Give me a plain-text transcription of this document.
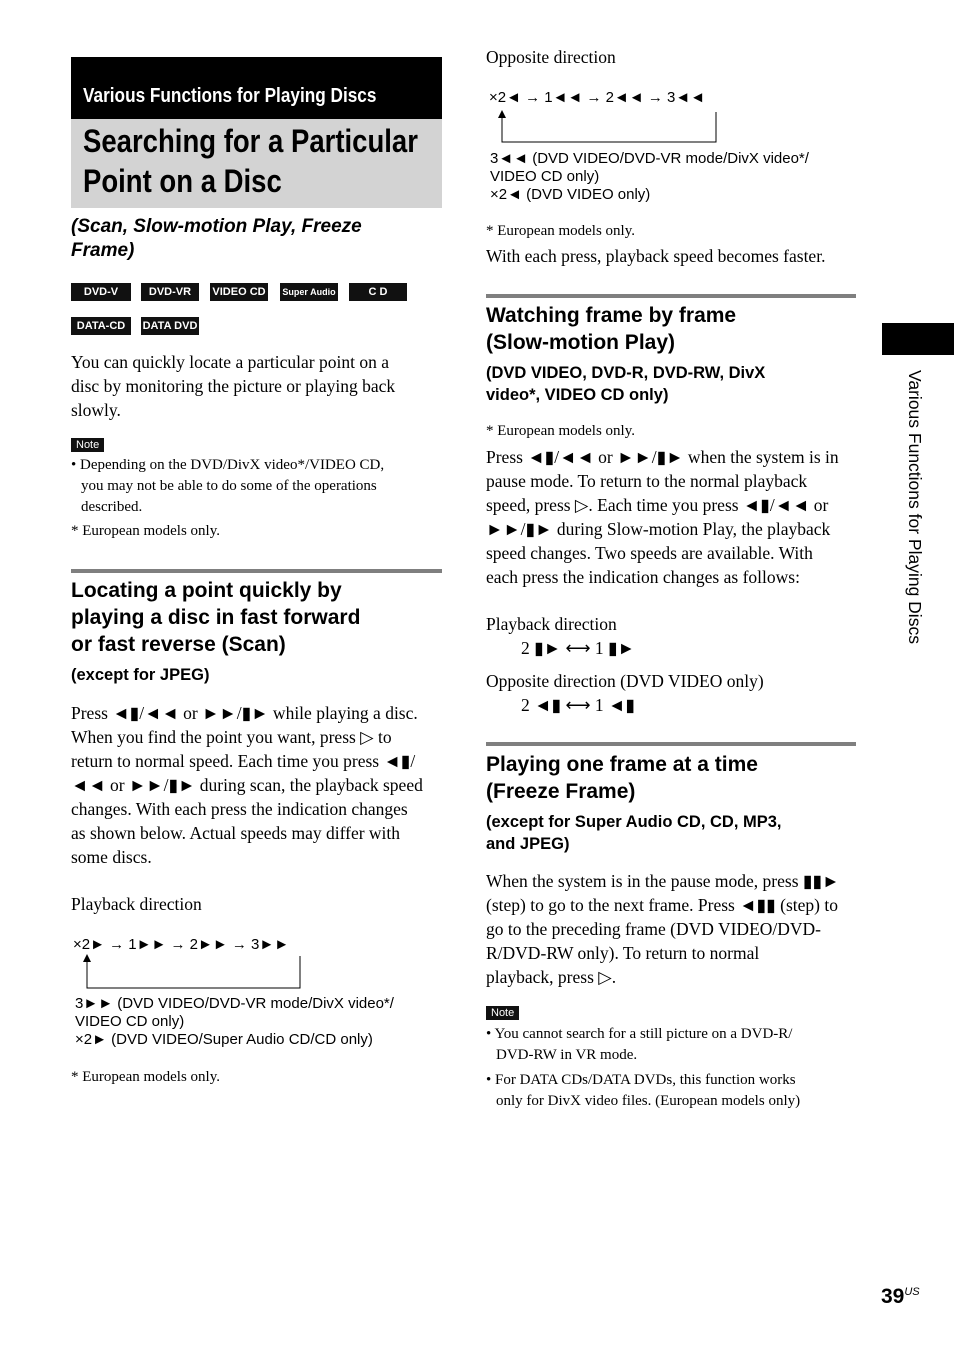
Various Functions for Playing Discs
Searching for a Particular
Point on a Disc
(Scan, Slow-motion Play, Freeze
Frame)
DVD-V	DVD-VR	VIDEO CD Super Audio CD
C D
DATA-CD	DATA DVD
You can quickly locate a particular point on a
disc by monitoring the picture or playing back
slowly.
Note
• Depending on the DVD/DivX video*/VIDEO CD,
you may not be able to do some of the operations
described.
* European models only.
Locating a point quickly by
playing a disc in fast forward
or fast reverse (Scan)
(except for JPEG)
Press ◄▮/◄◄ or ►►/▮► while playing a disc.
When you find the point you want, press ▷ to
return to normal speed. Each time you press ◄▮/
◄◄ or ►►/▮► during scan, the playback speed
changes. With each press the indication changes
as shown below. Actual speeds may differ with
some discs.
Playback direction
×2► → 1►► → 2►► → 3►►
3►► (DVD VIDEO/DVD-VR mode/DivX video*/
VIDEO CD only)
×2► (DVD VIDEO/Super Audio CD/CD only)
* European models only.
Opposite direction
×2◄ → 1◄◄ → 2◄◄ → 3◄◄
3◄◄ (DVD VIDEO/DVD-VR mode/DivX video*/
VIDEO CD only)
×2◄ (DVD VIDEO only)
* European models only.
With each press, playback speed becomes faster.
Watching frame by frame
(Slow-motion Play)
(DVD VIDEO, DVD-R, DVD-RW, DivX
video*, VIDEO CD only)
* European models only.
Press ◄▮/◄◄ or ►►/▮► when the system is in
pause mode. To return to the normal playback
speed, press ▷. Each time you press ◄▮/◄◄ or
►►/▮► during Slow-motion Play, the playback
speed changes. Two speeds are available. With
each press the indication changes as follows:
Playback direction
2 ▮► ⟷ 1 ▮►
Opposite direction (DVD VIDEO only)
2 ◄▮ ⟷ 1 ◄▮
Playing one frame at a time
(Freeze Frame)
(except for Super Audio CD, CD, MP3,
and JPEG)
When the system is in the pause mode, press ▮▮►
(step) to go to the next frame. Press ◄▮▮ (step) to
go to the preceding frame (DVD VIDEO/DVD-
R/DVD-RW only). To return to normal
playback, press ▷.
Note
• You cannot search for a still picture on a DVD-R/
DVD-RW in VR mode.
• For DATA CDs/DATA DVDs, this function works
only for DivX video files. (European models only)
Various Functions for Playing Discs
$39^{US}$
